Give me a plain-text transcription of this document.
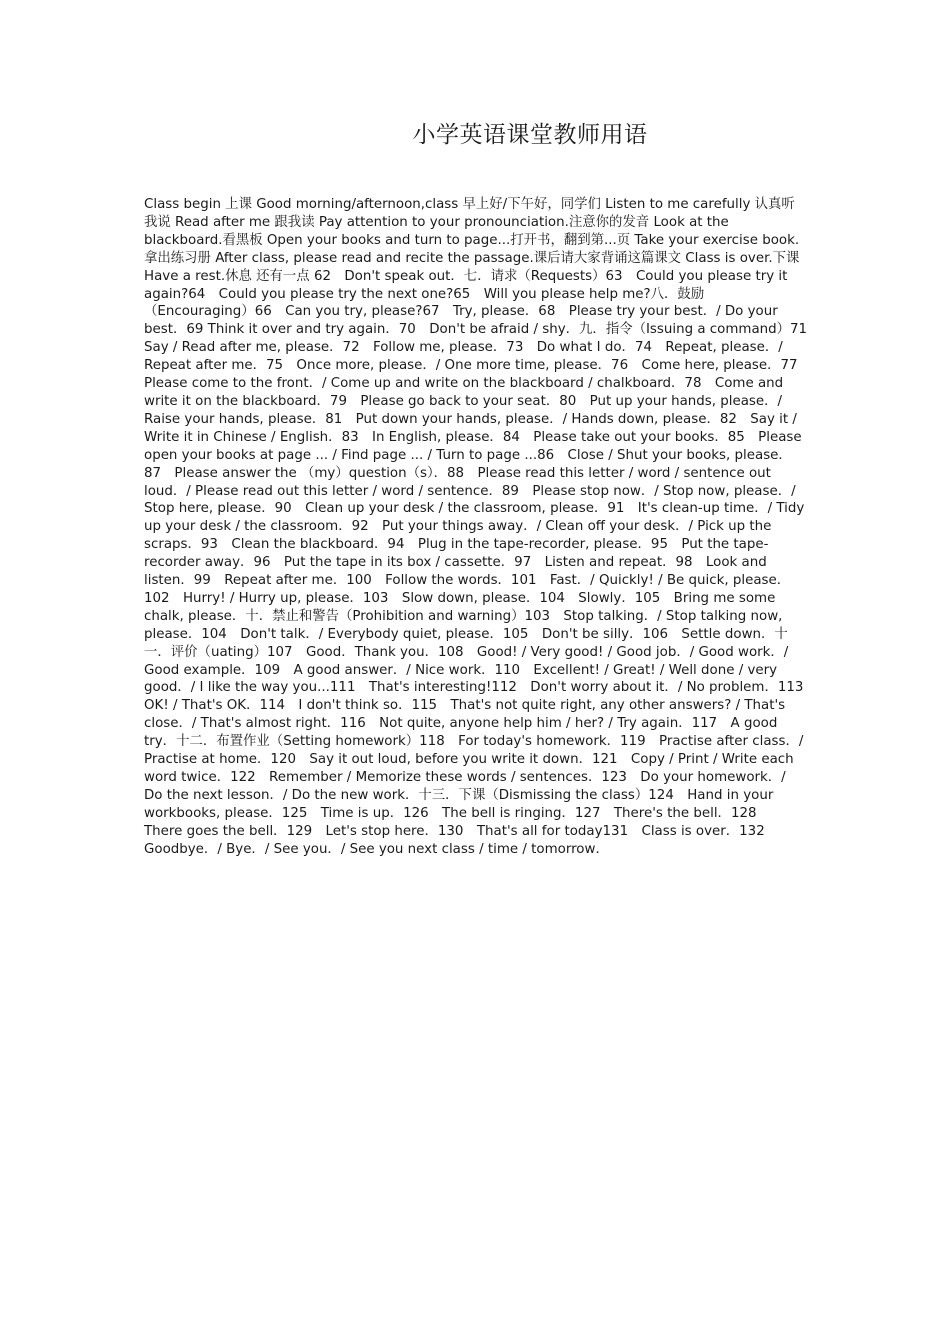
小学英语课堂教师用语

Class begin 上课 Good morning/afternoon,class 早上好/下午好，同学们 Listen to me carefully 认真听我说 Read after me 跟我读 Pay attention to your pronounciation.注意你的发音 Look at the blackboard.看黑板 Open your books and turn to page...打开书，翻到第...页 Take your exercise book.拿出练习册 After class, please read and recite the passage.课后请大家背诵这篇课文 Class is over.下课 Have a rest.休息 还有一点 62　Don't speak out．七．请求（Requests）63　Could you please try it again?64　Could you please try the next one?65　Will you please help me?八．鼓励（Encouraging）66　Can you try, please?67　Try, please．68　Please try your best．/ Do your best．69 Think it over and try again．70　Don't be afraid / shy．九．指令（Issuing a command）71　Say / Read after me, please．72　Follow me, please．73　Do what I do．74　Repeat, please．/ Repeat after me．75　Once more, please．/ One more time, please．76　Come here, please．77　Please come to the front．/ Come up and write on the blackboard / chalkboard．78　Come and write it on the blackboard．79　Please go back to your seat．80　Put up your hands, please．/ Raise your hands, please．81　Put down your hands, please．/ Hands down, please．82　Say it / Write it in Chinese / English．83　In English, please．84　Please take out your books．85　Please open your books at page ... / Find page ... / Turn to page ...86　Close / Shut your books, please．87　Please answer the （my）question（s）．88　Please read this letter / word / sentence out loud．/ Please read out this letter / word / sentence．89　Please stop now．/ Stop now, please．/ Stop here, please．90　Clean up your desk / the classroom, please．91　It's clean-up time．/ Tidy up your desk / the classroom．92　Put your things away．/ Clean off your desk．/ Pick up the scraps．93　Clean the blackboard．94　Plug in the tape-recorder, please．95　Put the tape-recorder away．96　Put the tape in its box / cassette．97　Listen and repeat．98　Look and listen．99　Repeat after me．100　Follow the words．101　Fast．/ Quickly! / Be quick, please．102　Hurry! / Hurry up, please．103　Slow down, please．104　Slowly．105　Bring me some chalk, please．十．禁止和警告（Prohibition and warning）103　Stop talking．/ Stop talking now, please．104　Don't talk．/ Everybody quiet, please．105　Don't be silly．106　Settle down．十一．评价（uating）107　Good．Thank you．108　Good! / Very good! / Good job．/ Good work．/ Good example．109　A good answer．/ Nice work．110　Excellent! / Great! / Well done / very good．/ I like the way you...111　That's interesting!112　Don't worry about it．/ No problem．113　OK! / That's OK．114　I don't think so．115　That's not quite right, any other answers? / That's close．/ That's almost right．116　Not quite, anyone help him / her? / Try again．117　A good try．十二．布置作业（Setting homework）118　For today's homework．119　Practise after class．/ Practise at home．120　Say it out loud, before you write it down．121　Copy / Print / Write each word twice．122　Remember / Memorize these words / sentences．123　Do your homework．/ Do the next lesson．/ Do the new work．十三．下课（Dismissing the class）124　Hand in your workbooks, please．125　Time is up．126　The bell is ringing．127　There's the bell．128　There goes the bell．129　Let's stop here．130　That's all for today131　Class is over．132　Goodbye．/ Bye．/ See you．/ See you next class / time / tomorrow．
